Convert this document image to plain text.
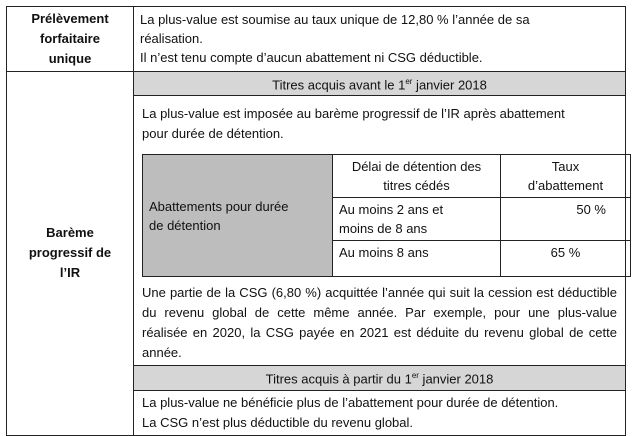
Prélèvement
forfaitaire
unique

La plus-value est soumise au taux unique de 12,80 % l’année de sa
réalisation.
Il n’est tenu compte d’aucun abattement ni CSG déductible.

Barème
progressif de
l’IR

Titres acquis avant le 1er janvier 2018
La plus-value est imposée au barème progressif de l’IR après abattement
pour durée de détention.
Abattements pour durée
de détention

Délai de détention des
titres cédés

Taux
d’abattement

Au moins 2 ans et
moins de 8 ans
	50 %

Au moins 8 ans	65 %
Une partie de la CSG (6,80 %) acquittée l’année qui suit la cession est déductible du revenu global de cette même année. Par exemple, pour une plus-value réalisée en 2020, la CSG payée en 2021 est déduite du revenu global de cette année.
Titres acquis à partir du 1er janvier 2018
La plus-value ne bénéficie plus de l’abattement pour durée de détention.
La CSG n’est plus déductible du revenu global.
